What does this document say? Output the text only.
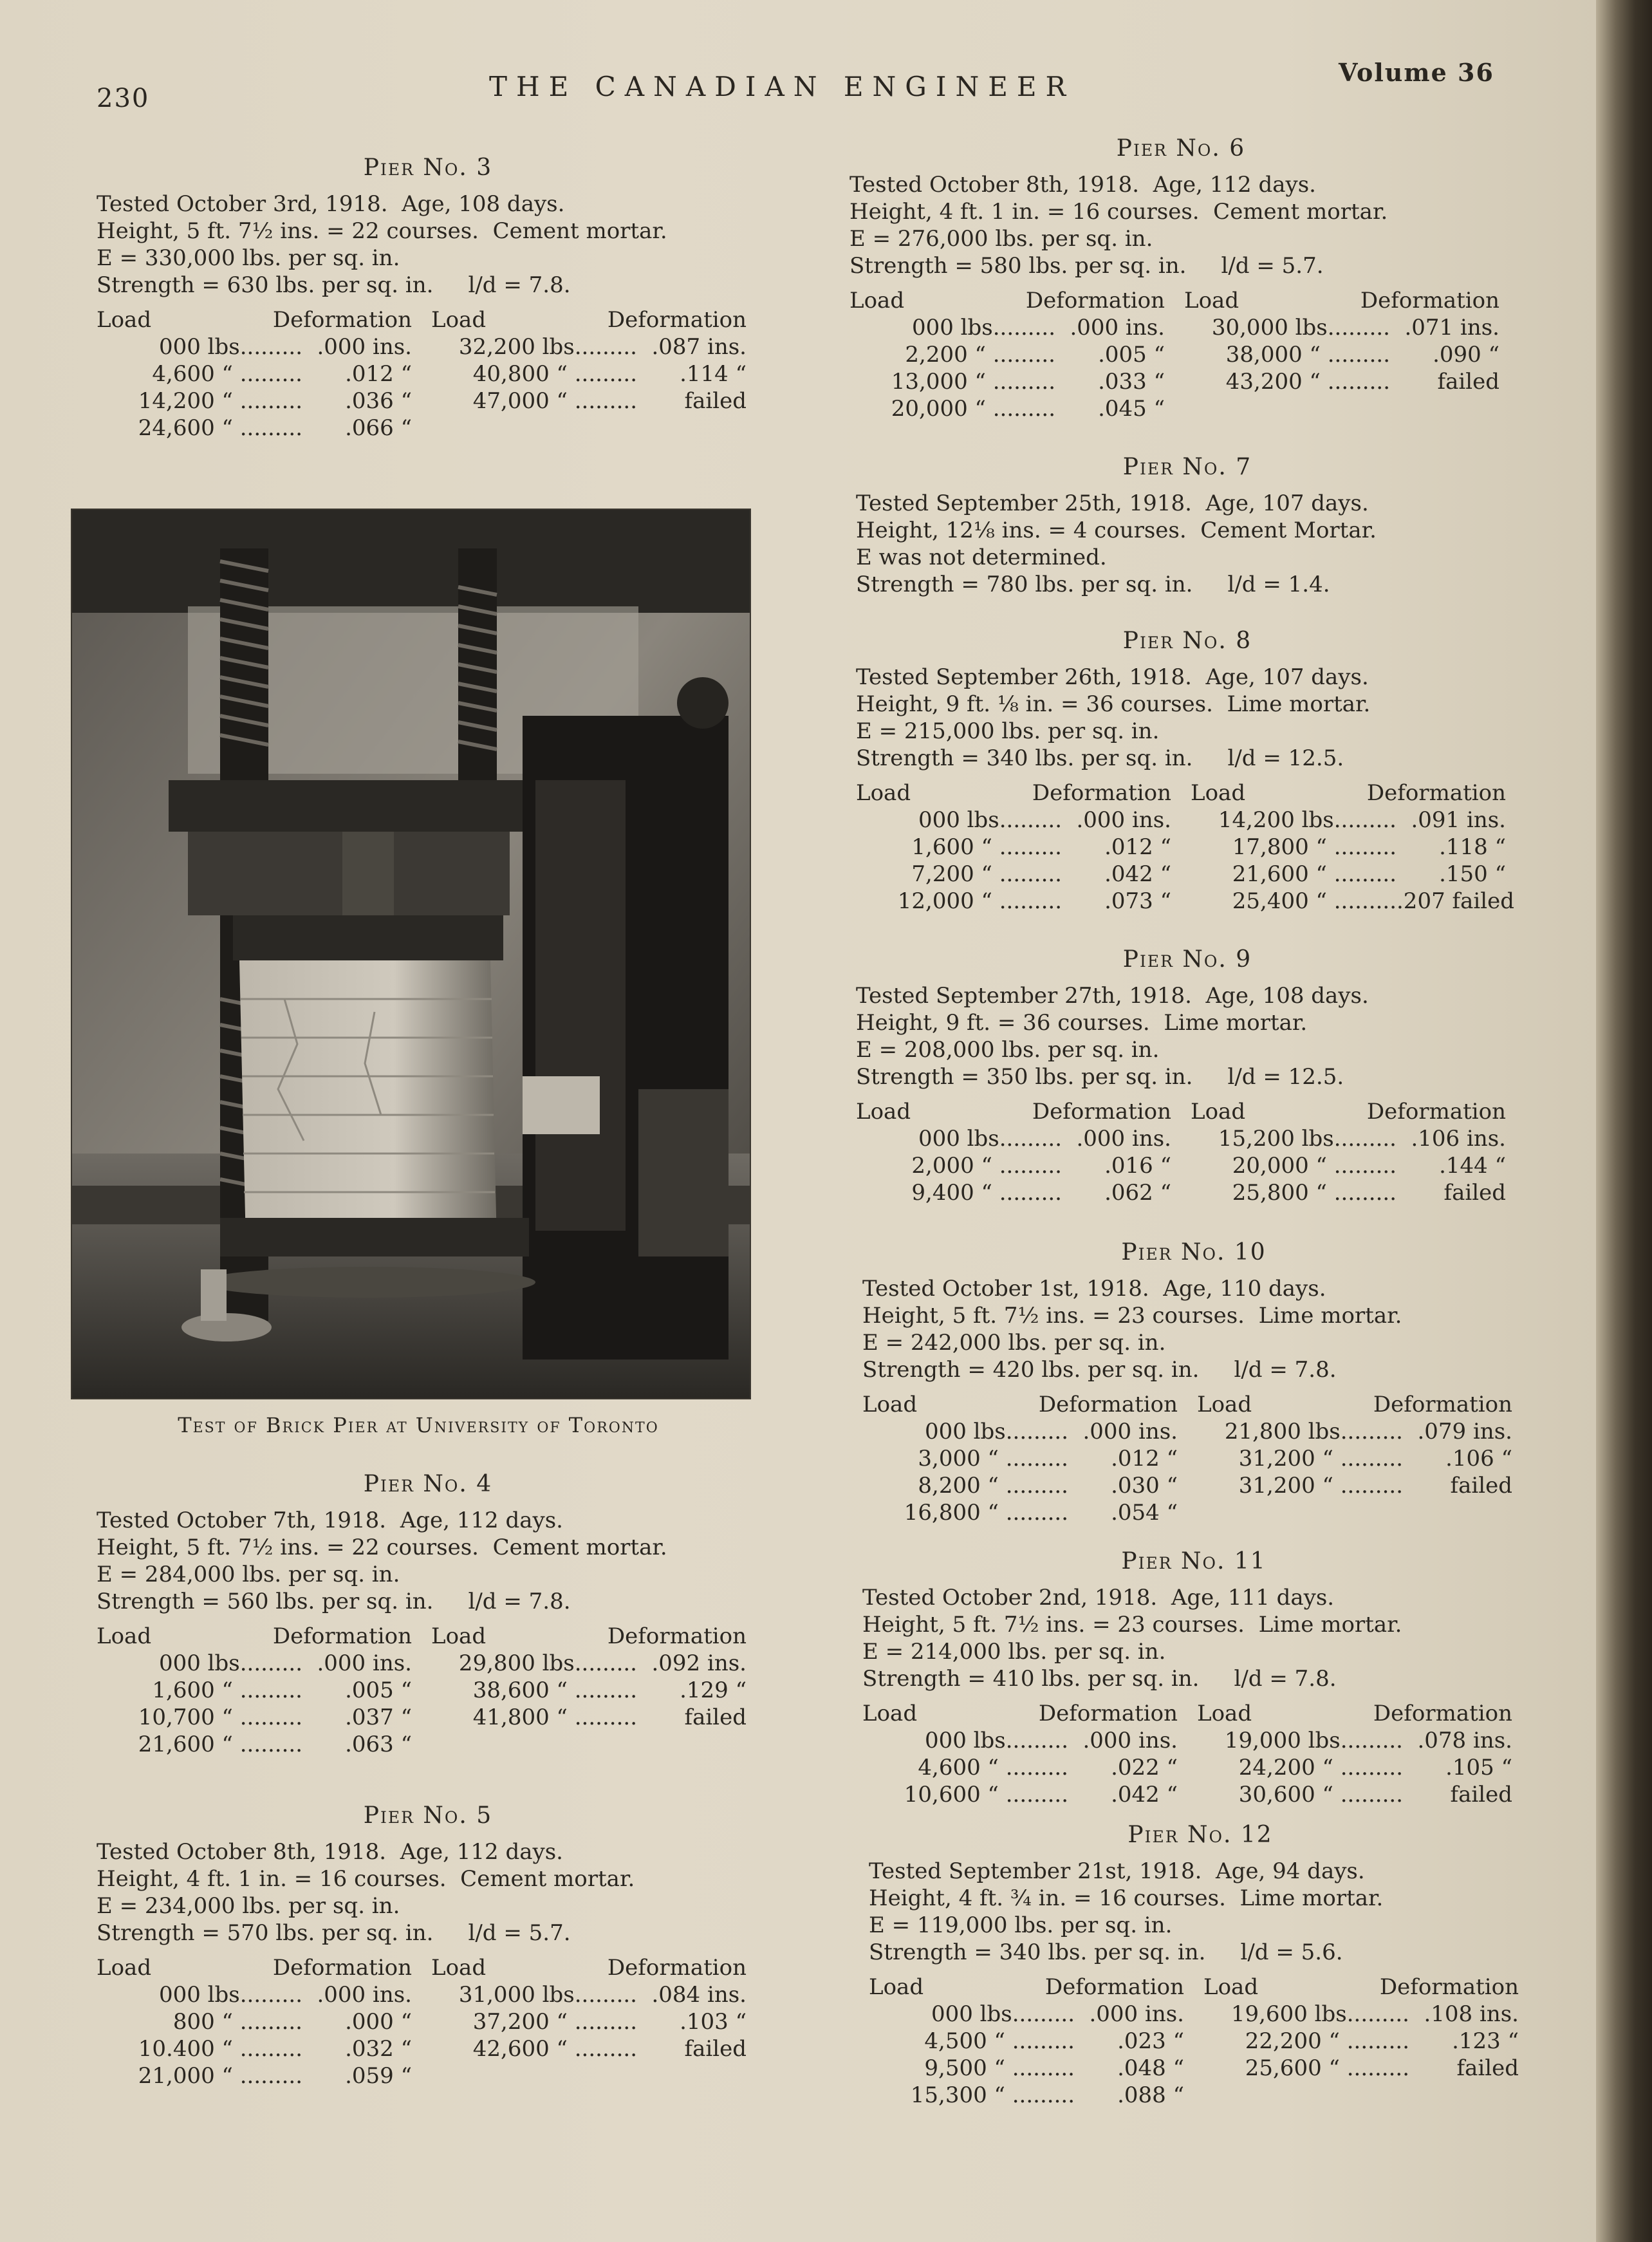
230	THE CANADIAN ENGINEER	Volume 36
Test of Brick Pier at University of Toronto
Pier No. 3
Tested October 3rd, 1918.  Age, 108 days.
Height, 5 ft. 7½ ins. = 22 courses.  Cement mortar.
E = 330,000 lbs. per sq. in.
Strength = 630 lbs. per sq. in.     l/d = 7.8.
Load	Deformation
000 lbs......... .000 ins.
4,600 “ .........	.012 “
14,200 “ .........	.036 “
24,600 “ .........	.066 “
Load	Deformation
32,200 lbs......... .087 ins.
40,800 “ .........	.114 “
47,000 “ .........	failed
Pier No. 4
Tested October 7th, 1918.  Age, 112 days.
Height, 5 ft. 7½ ins. = 22 courses.  Cement mortar.
E = 284,000 lbs. per sq. in.
Strength = 560 lbs. per sq. in.     l/d = 7.8.
Load	Deformation
000 lbs......... .000 ins.
1,600 “ .........	.005 “
10,700 “ .........	.037 “
21,600 “ .........	.063 “
Load	Deformation
29,800 lbs......... .092 ins.
38,600 “ .........	.129 “
41,800 “ .........	failed
Pier No. 5
Tested October 8th, 1918.  Age, 112 days.
Height, 4 ft. 1 in. = 16 courses.  Cement mortar.
E = 234,000 lbs. per sq. in.
Strength = 570 lbs. per sq. in.     l/d = 5.7.
Load	Deformation
000 lbs......... .000 ins.
800 “ .........	.000 “
10.400 “ .........	.032 “
21,000 “ .........	.059 “
Load	Deformation
31,000 lbs......... .084 ins.
37,200 “ .........	.103 “
42,600 “ .........	failed
Pier No. 6
Tested October 8th, 1918.  Age, 112 days.
Height, 4 ft. 1 in. = 16 courses.  Cement mortar.
E = 276,000 lbs. per sq. in.
Strength = 580 lbs. per sq. in.     l/d = 5.7.
Load	Deformation
000 lbs......... .000 ins.
2,200 “ .........	.005 “
13,000 “ .........	.033 “
20,000 “ .........	.045 “
Load	Deformation
30,000 lbs......... .071 ins.
38,000 “ .........	.090 “
43,200 “ .........	failed
Pier No. 7
Tested September 25th, 1918.  Age, 107 days.
Height, 12⅛ ins. = 4 courses.  Cement Mortar.
E was not determined.
Strength = 780 lbs. per sq. in.     l/d = 1.4.
Pier No. 8
Tested September 26th, 1918.  Age, 107 days.
Height, 9 ft. ⅛ in. = 36 courses.  Lime mortar.
E = 215,000 lbs. per sq. in.
Strength = 340 lbs. per sq. in.     l/d = 12.5.
Load	Deformation
000 lbs......... .000 ins.
1,600 “ .........	.012 “
7,200 “ .........	.042 “
12,000 “ .........	.073 “
Load	Deformation
14,200 lbs......... .091 ins.
17,800 “ .........	.118 “
21,600 “ .........	.150 “
25,400 “ ......... .207 failed
Pier No. 9
Tested September 27th, 1918.  Age, 108 days.
Height, 9 ft. = 36 courses.  Lime mortar.
E = 208,000 lbs. per sq. in.
Strength = 350 lbs. per sq. in.     l/d = 12.5.
Load	Deformation
000 lbs......... .000 ins.
2,000 “ .........	.016 “
9,400 “ .........	.062 “
Load	Deformation
15,200 lbs......... .106 ins.
20,000 “ .........	.144 “
25,800 “ .........	failed
Pier No. 10
Tested October 1st, 1918.  Age, 110 days.
Height, 5 ft. 7½ ins. = 23 courses.  Lime mortar.
E = 242,000 lbs. per sq. in.
Strength = 420 lbs. per sq. in.     l/d = 7.8.
Load	Deformation
000 lbs......... .000 ins.
3,000 “ .........	.012 “
8,200 “ .........	.030 “
16,800 “ .........	.054 “
Load	Deformation
21,800 lbs......... .079 ins.
31,200 “ .........	.106 “
31,200 “ .........	failed
Pier No. 11
Tested October 2nd, 1918.  Age, 111 days.
Height, 5 ft. 7½ ins. = 23 courses.  Lime mortar.
E = 214,000 lbs. per sq. in.
Strength = 410 lbs. per sq. in.     l/d = 7.8.
Load	Deformation
000 lbs......... .000 ins.
4,600 “ .........	.022 “
10,600 “ .........	.042 “
Load	Deformation
19,000 lbs......... .078 ins.
24,200 “ .........	.105 “
30,600 “ .........	failed
Pier No. 12
Tested September 21st, 1918.  Age, 94 days.
Height, 4 ft. ¾ in. = 16 courses.  Lime mortar.
E = 119,000 lbs. per sq. in.
Strength = 340 lbs. per sq. in.     l/d = 5.6.
Load	Deformation
000 lbs......... .000 ins.
4,500 “ .........	.023 “
9,500 “ .........	.048 “
15,300 “ .........	.088 “
Load	Deformation
19,600 lbs......... .108 ins.
22,200 “ .........	.123 “
25,600 “ .........	failed
